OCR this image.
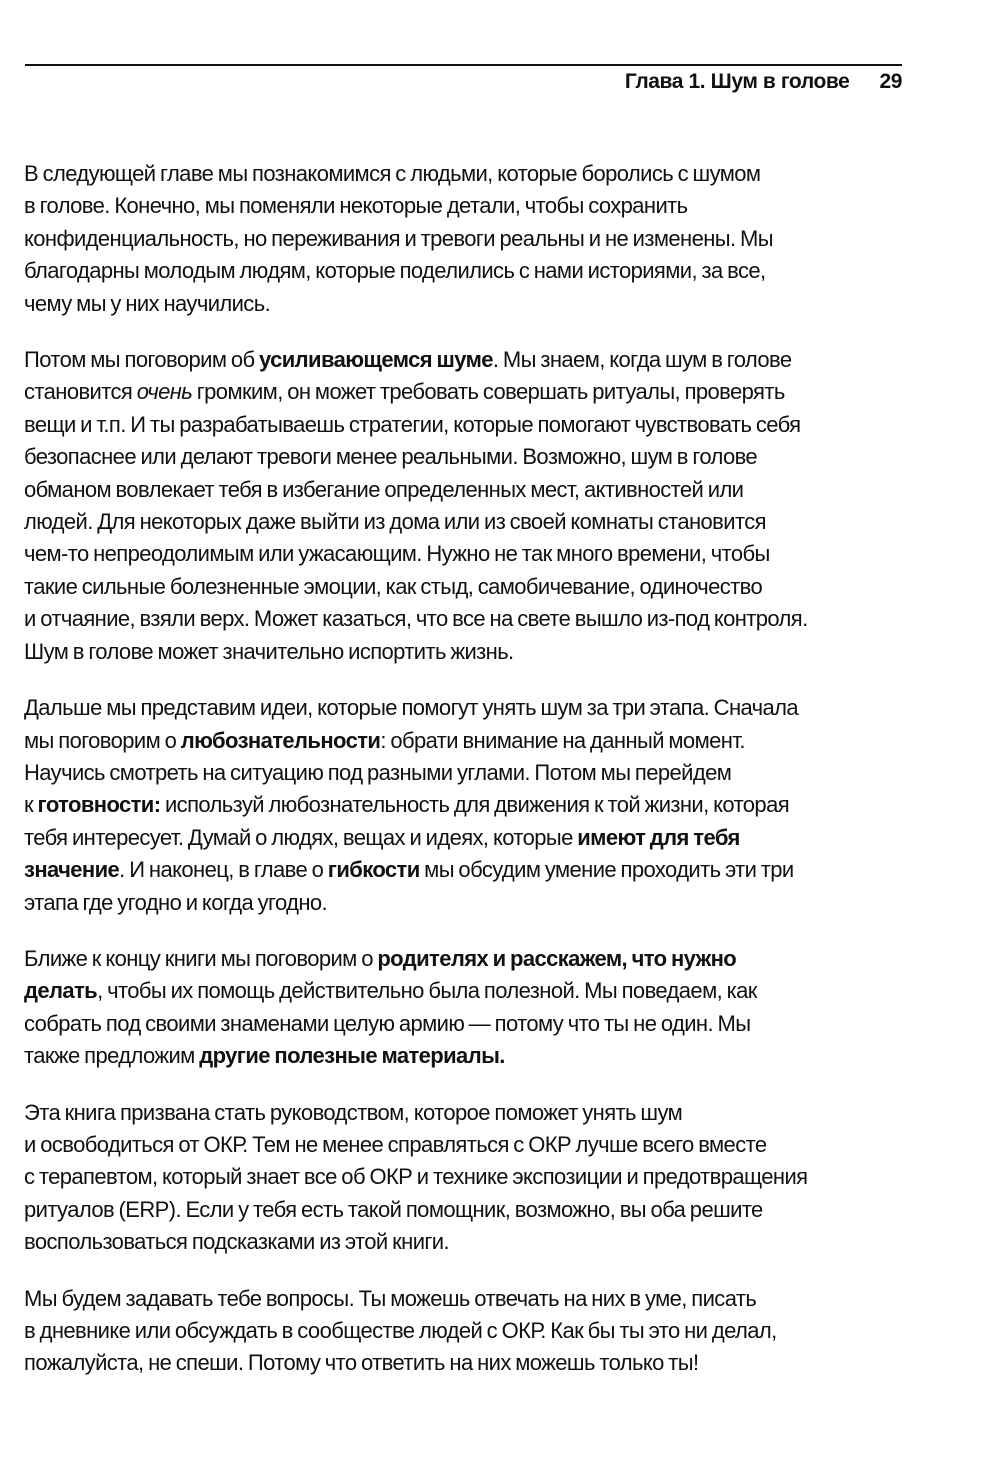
Глава 1. Шум в голове 29

В следующей главе мы познакомимся с людьми, которые боролись с шумом
в голове. Конечно, мы поменяли некоторые детали, чтобы сохранить
конфиденциальность, но переживания и тревоги реальны и не изменены. Мы
благодарны молодым людям, которые поделились с нами историями, за все,
чему мы у них научились.

Потом мы поговорим об усиливающемся шуме. Мы знаем, когда шум в голове
становится очень громким, он может требовать совершать ритуалы, проверять
вещи и т.п. И ты разрабатываешь стратегии, которые помогают чувствовать себя
безопаснее или делают тревоги менее реальными. Возможно, шум в голове
обманом вовлекает тебя в избегание определенных мест, активностей или
людей. Для некоторых даже выйти из дома или из своей комнаты становится
чем-то непреодолимым или ужасающим. Нужно не так много времени, чтобы
такие сильные болезненные эмоции, как стыд, самобичевание, одиночество
и отчаяние, взяли верх. Может казаться, что все на свете вышло из-под контроля.
Шум в голове может значительно испортить жизнь.

Дальше мы представим идеи, которые помогут унять шум за три этапа. Сначала
мы поговорим о любознательности: обрати внимание на данный момент.
Научись смотреть на ситуацию под разными углами. Потом мы перейдем
к готовности: используй любознательность для движения к той жизни, которая
тебя интересует. Думай о людях, вещах и идеях, которые имеют для тебя
значение. И наконец, в главе о гибкости мы обсудим умение проходить эти три
этапа где угодно и когда угодно.

Ближе к концу книги мы поговорим о родителях и расскажем, что нужно
делать, чтобы их помощь действительно была полезной. Мы поведаем, как
собрать под своими знаменами целую армию — потому что ты не один. Мы
также предложим другие полезные материалы.

Эта книга призвана стать руководством, которое поможет унять шум
и освободиться от ОКР. Тем не менее справляться с ОКР лучше всего вместе
с терапевтом, который знает все об ОКР и технике экспозиции и предотвращения
ритуалов (ERP). Если у тебя есть такой помощник, возможно, вы оба решите
воспользоваться подсказками из этой книги.

Мы будем задавать тебе вопросы. Ты можешь отвечать на них в уме, писать
в дневнике или обсуждать в сообществе людей с ОКР. Как бы ты это ни делал,
пожалуйста, не спеши. Потому что ответить на них можешь только ты!
